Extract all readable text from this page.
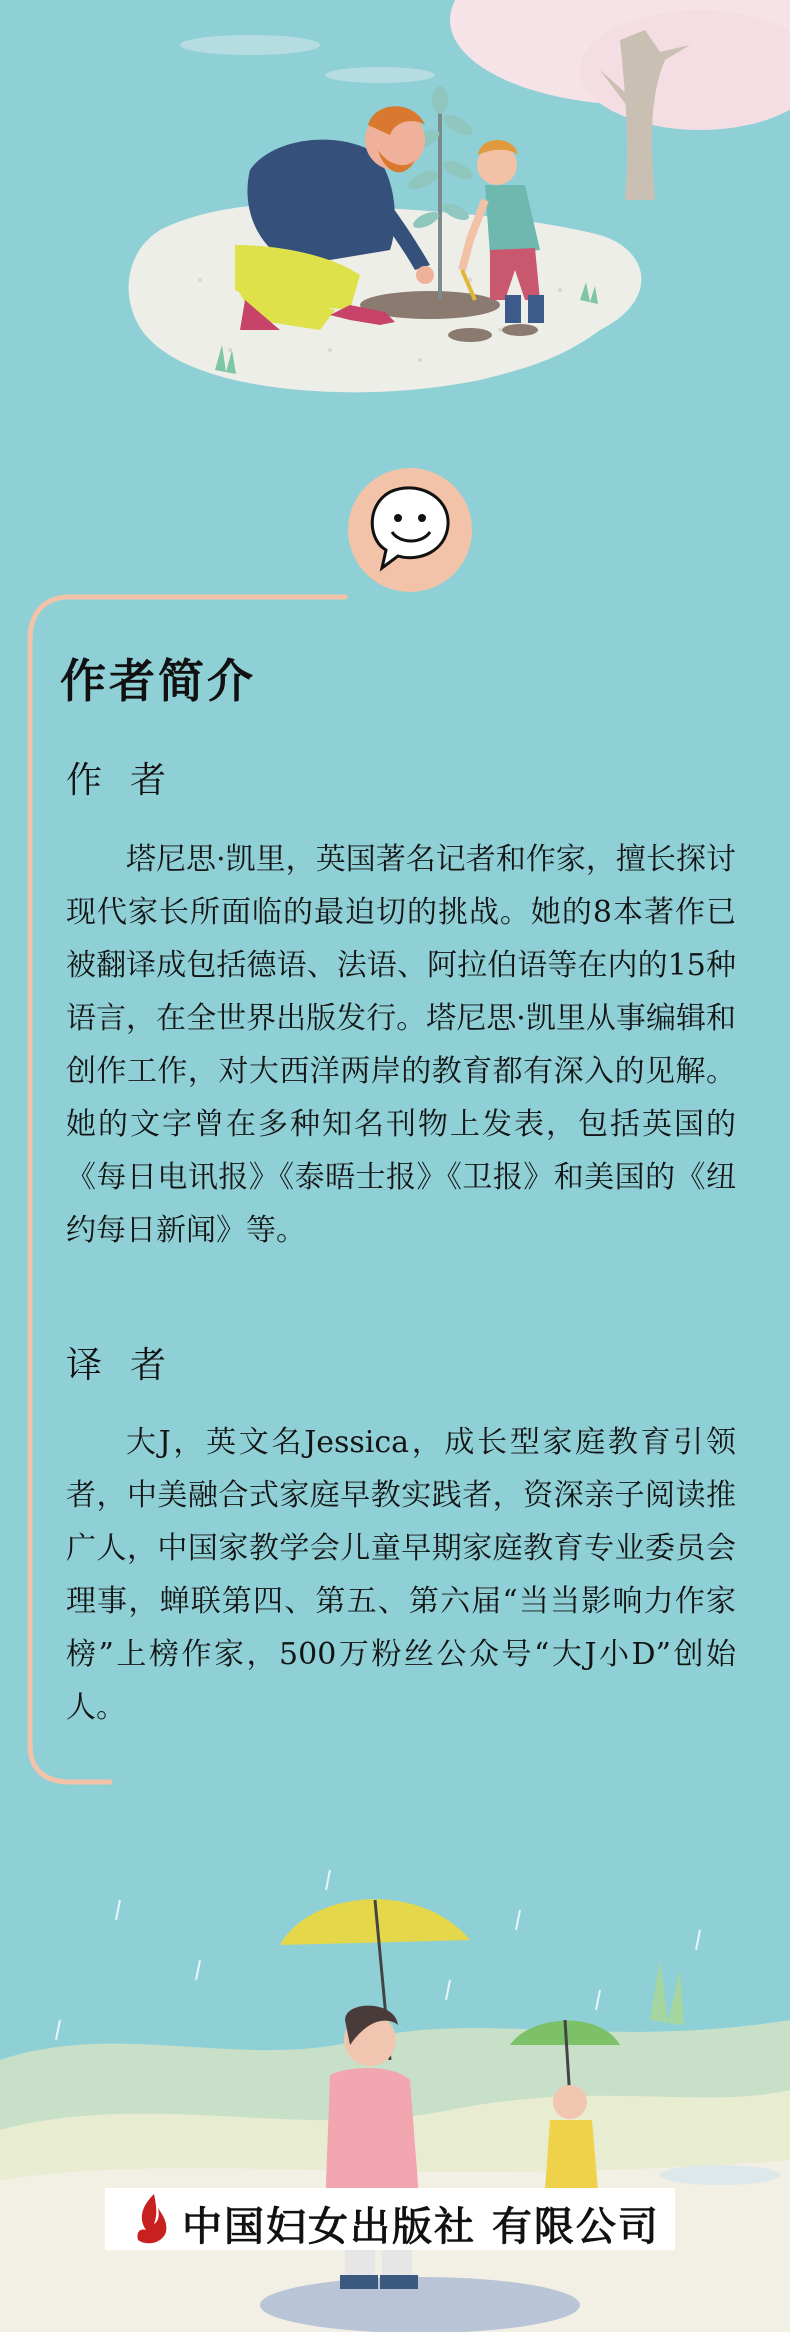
作者简介
作者
塔尼思·凯里，英国著名记者和作家，擅长探讨现代家长所面临的最迫切的挑战。她的8本著作已被翻译成包括德语、法语、阿拉伯语等在内的15种语言，在全世界出版发行。塔尼思·凯里从事编辑和创作工作，对大西洋两岸的教育都有深入的见解。她的文字曾在多种知名刊物上发表，包括英国的《每日电讯报》《泰晤士报》《卫报》和美国的《纽约每日新闻》等。
译者
大J，英文名Jessica，成长型家庭教育引领者，中美融合式家庭早教实践者，资深亲子阅读推广人，中国家教学会儿童早期家庭教育专业委员会理事，蝉联第四、第五、第六届“当当影响力作家榜”上榜作家，500万粉丝公众号“大J小D”创始人。
中国妇女出版社 有限公司
